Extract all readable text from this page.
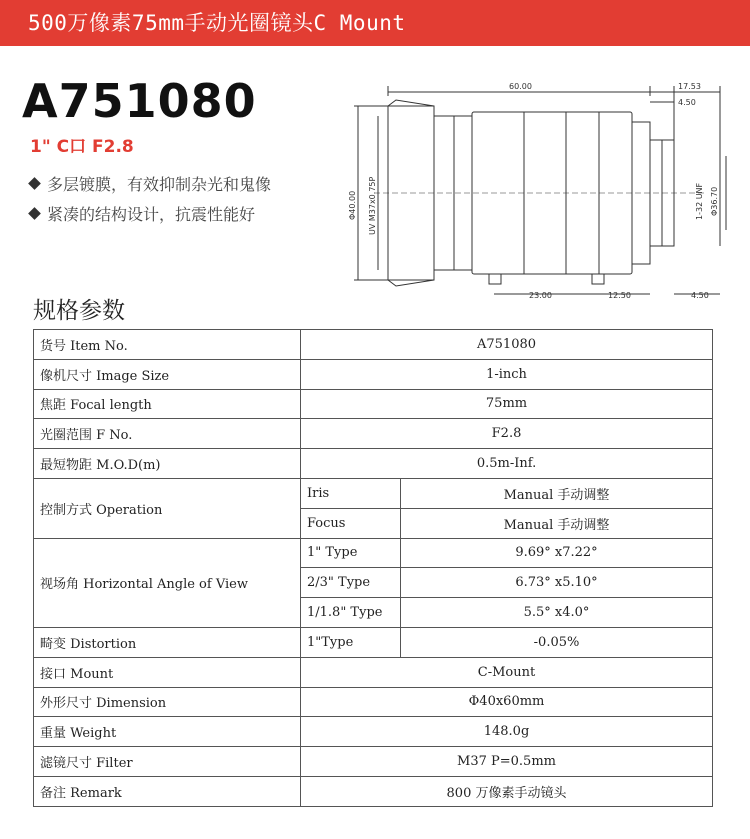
500万像素75mm手动光圈镜头C Mount
A751080
1" C口 F2.8
多层镀膜，有效抑制杂光和鬼像
紧凑的结构设计，抗震性能好
60.00	17.53
4.50
Φ40.00 UV M37x0.75P	1-32 UNF Φ36.70
23.00	12.50	4.50
规格参数
货号 Item No.	A751080	
像机尺寸 Image Size	1-inch	
焦距 Focal length	75mm	
光圈范围 F No.	F2.8	
最短物距 M.O.D(m)	0.5m-Inf.	
控制方式 Operation	Iris	Manual 手动调整
	Focus	Manual 手动调整
视场角 Horizontal Angle of View	1" Type	9.69° x7.22°
	2/3" Type	6.73° x5.10°
	1/1.8" Type	5.5° x4.0°
畸变 Distortion	1"Type	-0.05%
接口 Mount	C-Mount	
外形尺寸 Dimension	Φ40x60mm	
重量 Weight	148.0g	
滤镜尺寸 Filter	M37 P=0.5mm	
备注 Remark	800 万像素手动镜头	
